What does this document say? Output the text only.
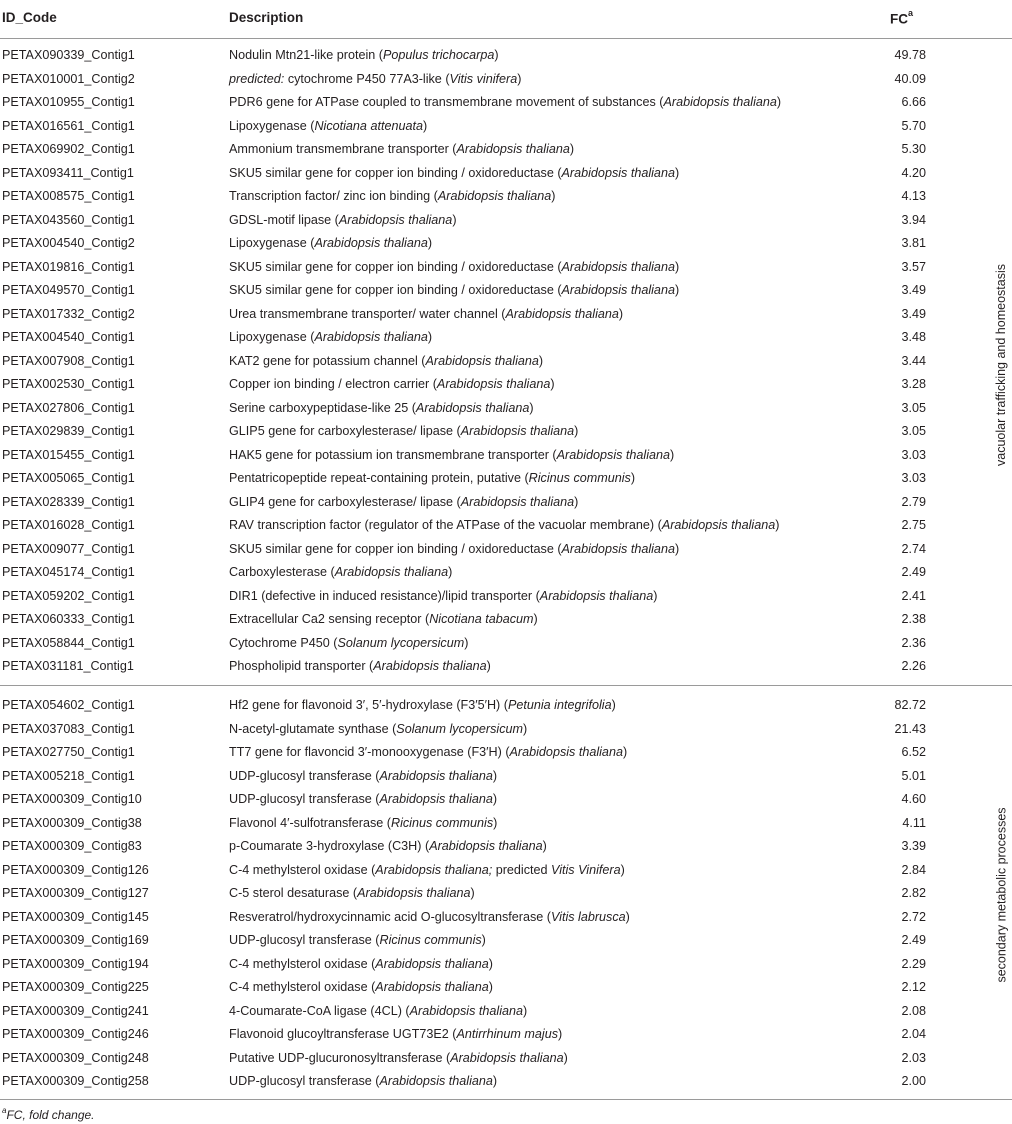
ID_Code	Description	$FC^a$
PETAX090339_Contig1	Nodulin Mtn21-like protein (Populus trichocarpa)	49.78
PETAX010001_Contig2	predicted: cytochrome P450 77A3-like (Vitis vinifera)	40.09
PETAX010955_Contig1	PDR6 gene for ATPase coupled to transmembrane movement of substances (Arabidopsis thaliana)	6.66
PETAX016561_Contig1	Lipoxygenase (Nicotiana attenuata)	5.70
PETAX069902_Contig1	Ammonium transmembrane transporter (Arabidopsis thaliana)	5.30
PETAX093411_Contig1	SKU5 similar gene for copper ion binding / oxidoreductase (Arabidopsis thaliana)	4.20
PETAX008575_Contig1	Transcription factor/ zinc ion binding (Arabidopsis thaliana)	4.13
PETAX043560_Contig1	GDSL-motif lipase (Arabidopsis thaliana)	3.94
PETAX004540_Contig2	Lipoxygenase (Arabidopsis thaliana)	3.81
PETAX019816_Contig1	SKU5 similar gene for copper ion binding / oxidoreductase (Arabidopsis thaliana)	3.57
PETAX049570_Contig1	SKU5 similar gene for copper ion binding / oxidoreductase (Arabidopsis thaliana)	3.49
PETAX017332_Contig2	Urea transmembrane transporter/ water channel (Arabidopsis thaliana)	3.49
PETAX004540_Contig1	Lipoxygenase (Arabidopsis thaliana)	3.48
PETAX007908_Contig1	KAT2 gene for potassium channel (Arabidopsis thaliana)	3.44
PETAX002530_Contig1	Copper ion binding / electron carrier (Arabidopsis thaliana)	3.28
PETAX027806_Contig1	Serine carboxypeptidase-like 25 (Arabidopsis thaliana)	3.05
PETAX029839_Contig1	GLIP5 gene for carboxylesterase/ lipase (Arabidopsis thaliana)	3.05
PETAX015455_Contig1	HAK5 gene for potassium ion transmembrane transporter (Arabidopsis thaliana)	3.03
PETAX005065_Contig1	Pentatricopeptide repeat-containing protein, putative (Ricinus communis)	3.03
PETAX028339_Contig1	GLIP4 gene for carboxylesterase/ lipase (Arabidopsis thaliana)	2.79
PETAX016028_Contig1	RAV transcription factor (regulator of the ATPase of the vacuolar membrane) (Arabidopsis thaliana)	2.75
PETAX009077_Contig1	SKU5 similar gene for copper ion binding / oxidoreductase (Arabidopsis thaliana)	2.74
PETAX045174_Contig1	Carboxylesterase (Arabidopsis thaliana)	2.49
PETAX059202_Contig1	DIR1 (defective in induced resistance)/lipid transporter (Arabidopsis thaliana)	2.41
PETAX060333_Contig1	Extracellular Ca2 sensing receptor (Nicotiana tabacum)	2.38
PETAX058844_Contig1	Cytochrome P450 (Solanum lycopersicum)	2.36
PETAX031181_Contig1	Phospholipid transporter (Arabidopsis thaliana)	2.26
PETAX054602_Contig1	Hf2 gene for flavonoid 3′, 5′-hydroxylase (F3′5′H) (Petunia integrifolia)	82.72
PETAX037083_Contig1	N-acetyl-glutamate synthase (Solanum lycopersicum)	21.43
PETAX027750_Contig1	TT7 gene for flavoncid 3′-monooxygenase (F3′H) (Arabidopsis thaliana)	6.52
PETAX005218_Contig1	UDP-glucosyl transferase (Arabidopsis thaliana)	5.01
PETAX000309_Contig10	UDP-glucosyl transferase (Arabidopsis thaliana)	4.60
PETAX000309_Contig38	Flavonol 4′-sulfotransferase (Ricinus communis)	4.11
PETAX000309_Contig83	p-Coumarate 3-hydroxylase (C3H) (Arabidopsis thaliana)	3.39
PETAX000309_Contig126	C-4 methylsterol oxidase (Arabidopsis thaliana; predicted Vitis Vinifera)	2.84
PETAX000309_Contig127	C-5 sterol desaturase (Arabidopsis thaliana)	2.82
PETAX000309_Contig145	Resveratrol/hydroxycinnamic acid O-glucosyltransferase (Vitis labrusca)	2.72
PETAX000309_Contig169	UDP-glucosyl transferase (Ricinus communis)	2.49
PETAX000309_Contig194	C-4 methylsterol oxidase (Arabidopsis thaliana)	2.29
PETAX000309_Contig225	C-4 methylsterol oxidase (Arabidopsis thaliana)	2.12
PETAX000309_Contig241	4-Coumarate-CoA ligase (4CL) (Arabidopsis thaliana)	2.08
PETAX000309_Contig246	Flavonoid glucoyltransferase UGT73E2 (Antirrhinum majus)	2.04
PETAX000309_Contig248	Putative UDP-glucuronosyltransferase (Arabidopsis thaliana)	2.03
PETAX000309_Contig258	UDP-glucosyl transferase (Arabidopsis thaliana)	2.00
vacuolar trafficking and homeostasis
secondary metabolic processes
$^a$FC, fold change.
